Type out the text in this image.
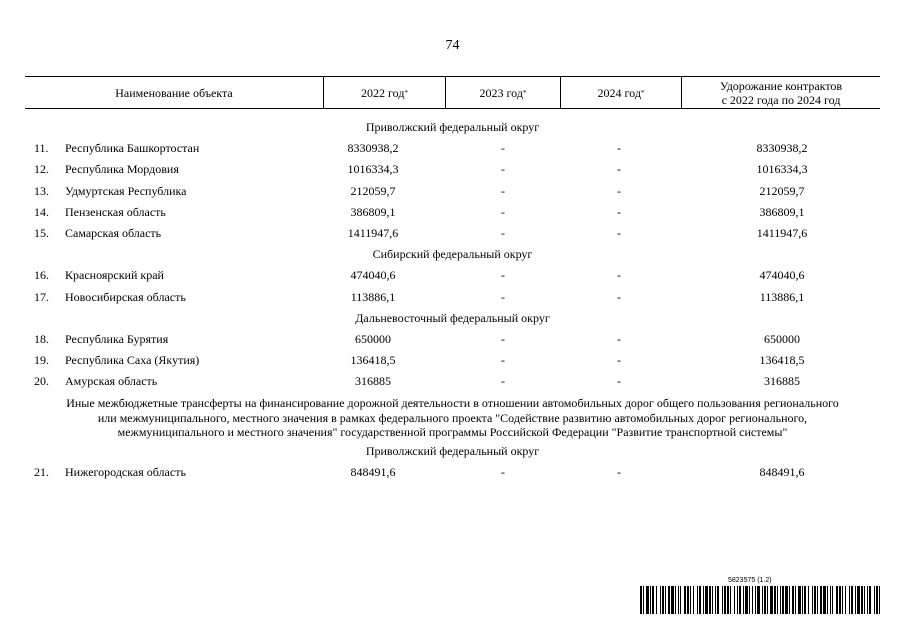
74
Наименование объекта	2022 год *	2023 год *	2024 год *	Удорожание контрактов
с 2022 года по 2024 год
Приволжский федеральный округ
11. Республика Башкортостан	8330938,2	-	-	8330938,2
12. Республика Мордовия	1016334,3	-	-	1016334,3
13. Удмуртская Республика	212059,7	-	-	212059,7
14. Пензенская область	386809,1	-	-	386809,1
15. Самарская область	1411947,6	-	-	1411947,6
Сибирский федеральный округ
16. Красноярский край	474040,6	-	-	474040,6
17. Новосибирская область	113886,1	-	-	113886,1
Дальневосточный федеральный округ
18. Республика Бурятия	650000	-	-	650000
19. Республика Саха (Якутия)	136418,5	-	-	136418,5
20. Амурская область	316885	-	-	316885
Иные межбюджетные трансферты на финансирование дорожной деятельности в отношении автомобильных дорог общего пользования регионального
или межмуниципального, местного значения в рамках федерального проекта "Содействие развитию автомобильных дорог регионального,
межмуниципального и местного значения" государственной программы Российской Федерации "Развитие транспортной системы"
Приволжский федеральный округ
21. Нижегородская область	848491,6	-	-	848491,6
5823575 (1.2)
